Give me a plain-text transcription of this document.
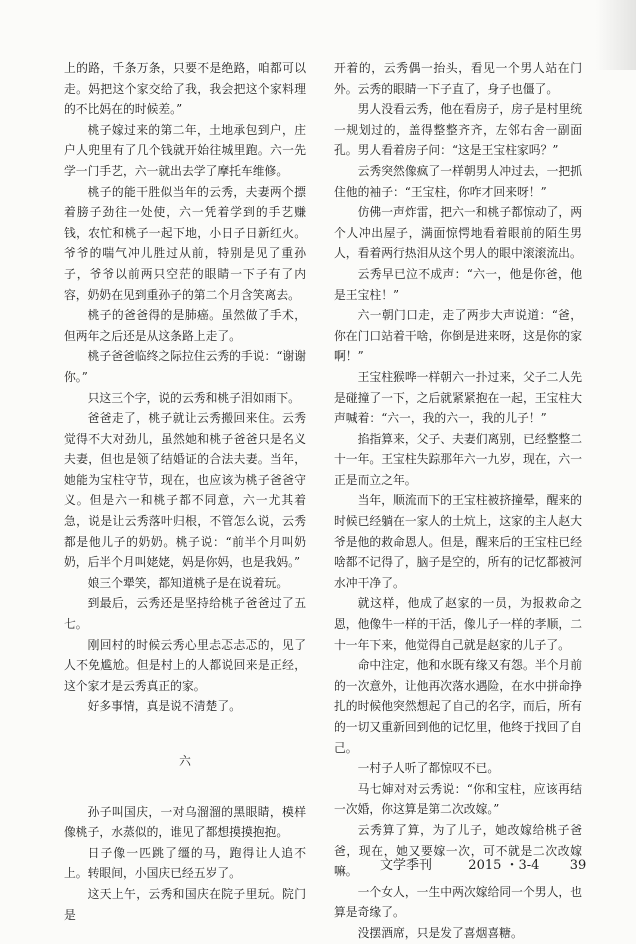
上的路，千条万条，只要不是绝路，咱都可以走。妈把这个家交给了我，我会把这个家料理的不比妈在的时候差。”

桃子嫁过来的第二年，土地承包到户，庄户人兜里有了几个钱就开始往城里跑。六一先学一门手艺，六一就出去学了摩托车维修。

桃子的能干胜似当年的云秀，夫妻两个摽着膀子劲往一处使，六一凭着学到的手艺赚钱，农忙和桃子一起下地，小日子日新红火。爷爷的喘气冲儿胜过从前，特别是见了重孙子，爷爷以前两只空茫的眼睛一下子有了内容，奶奶在见到重孙子的第二个月含笑离去。

桃子的爸爸得的是肺癌。虽然做了手术，但两年之后还是从这条路上走了。

桃子爸爸临终之际拉住云秀的手说：“谢谢你。”

只这三个字，说的云秀和桃子泪如雨下。

爸爸走了，桃子就让云秀搬回来住。云秀觉得不大对劲儿，虽然她和桃子爸爸只是名义夫妻，但也是领了结婚证的合法夫妻。当年，她能为宝柱守节，现在，也应该为桃子爸爸守义。但是六一和桃子都不同意，六一尤其着急，说是让云秀落叶归根，不管怎么说，云秀都是他儿子的奶奶。桃子说：“前半个月叫奶奶，后半个月叫姥姥，妈是你妈，也是我妈。”

娘三个犟笑，都知道桃子是在说着玩。

到最后，云秀还是坚持给桃子爸爸过了五七。

刚回村的时候云秀心里忐忑忐忑的，见了人不免尴尬。但是村上的人都说回来是正经，这个家才是云秀真正的家。

好多事情，真是说不清楚了。

六

孙子叫国庆，一对乌溜溜的黑眼睛，模样像桃子，水蒸似的，谁见了都想摸摸抱抱。

日子像一匹跳了缰的马，跑得让人追不上。转眼间，小国庆已经五岁了。

这天上午，云秀和国庆在院子里玩。院门是

开着的，云秀偶一抬头，看见一个男人站在门外。云秀的眼睛一下子直了，身子也僵了。

男人没看云秀，他在看房子，房子是村里统一规划过的，盖得整整齐齐，左邻右舍一副面孔。男人看着房子问：“这是王宝柱家吗？”

云秀突然像疯了一样朝男人冲过去，一把抓住他的袖子：“王宝柱，你咋才回来呀！”

仿佛一声炸雷，把六一和桃子都惊动了，两个人冲出屋子，满面惊愕地看着眼前的陌生男人，看着两行热泪从这个男人的眼中滚滚流出。

云秀早已泣不成声：“六一，他是你爸，他是王宝柱！”

六一朝门口走，走了两步大声说道：“爸，你在门口站着干啥，你倒是进来呀，这是你的家啊！”

王宝柱猴哗一样朝六一扑过来，父子二人先是碰撞了一下，之后就紧紧抱在一起，王宝柱大声喊着：“六一，我的六一，我的儿子！”

掐指算来，父子、夫妻们离别，已经整整二十一年。王宝柱失踪那年六一九岁，现在，六一正是而立之年。

当年，顺流而下的王宝柱被挤撞晕，醒来的时候已经躺在一家人的土炕上，这家的主人赵大爷是他的救命恩人。但是，醒来后的王宝柱已经啥都不记得了，脑子是空的，所有的记忆都被河水冲干净了。

就这样，他成了赵家的一员，为报救命之恩，他像牛一样的干活，像儿子一样的孝顺，二十一年下来，他觉得自己就是赵家的儿子了。

命中注定，他和水既有缘又有怨。半个月前的一次意外，让他再次落水遇险，在水中拼命挣扎的时候他突然想起了自己的名字，而后，所有的一切又重新回到他的记忆里，他终于找回了自己。

一村子人听了都惊叹不已。

马七婶对对云秀说：“你和宝柱，应该再结一次婚，你这算是第二次改嫁。”

云秀算了算，为了儿子，她改嫁给桃子爸爸，现在，她又要嫁一次，可不就是二次改嫁嘛。

一个女人，一生中两次嫁给同一个男人，也算是奇缘了。

没摆酒席，只是发了喜烟喜糖。

文学季刊	2015 ・3-4 39
